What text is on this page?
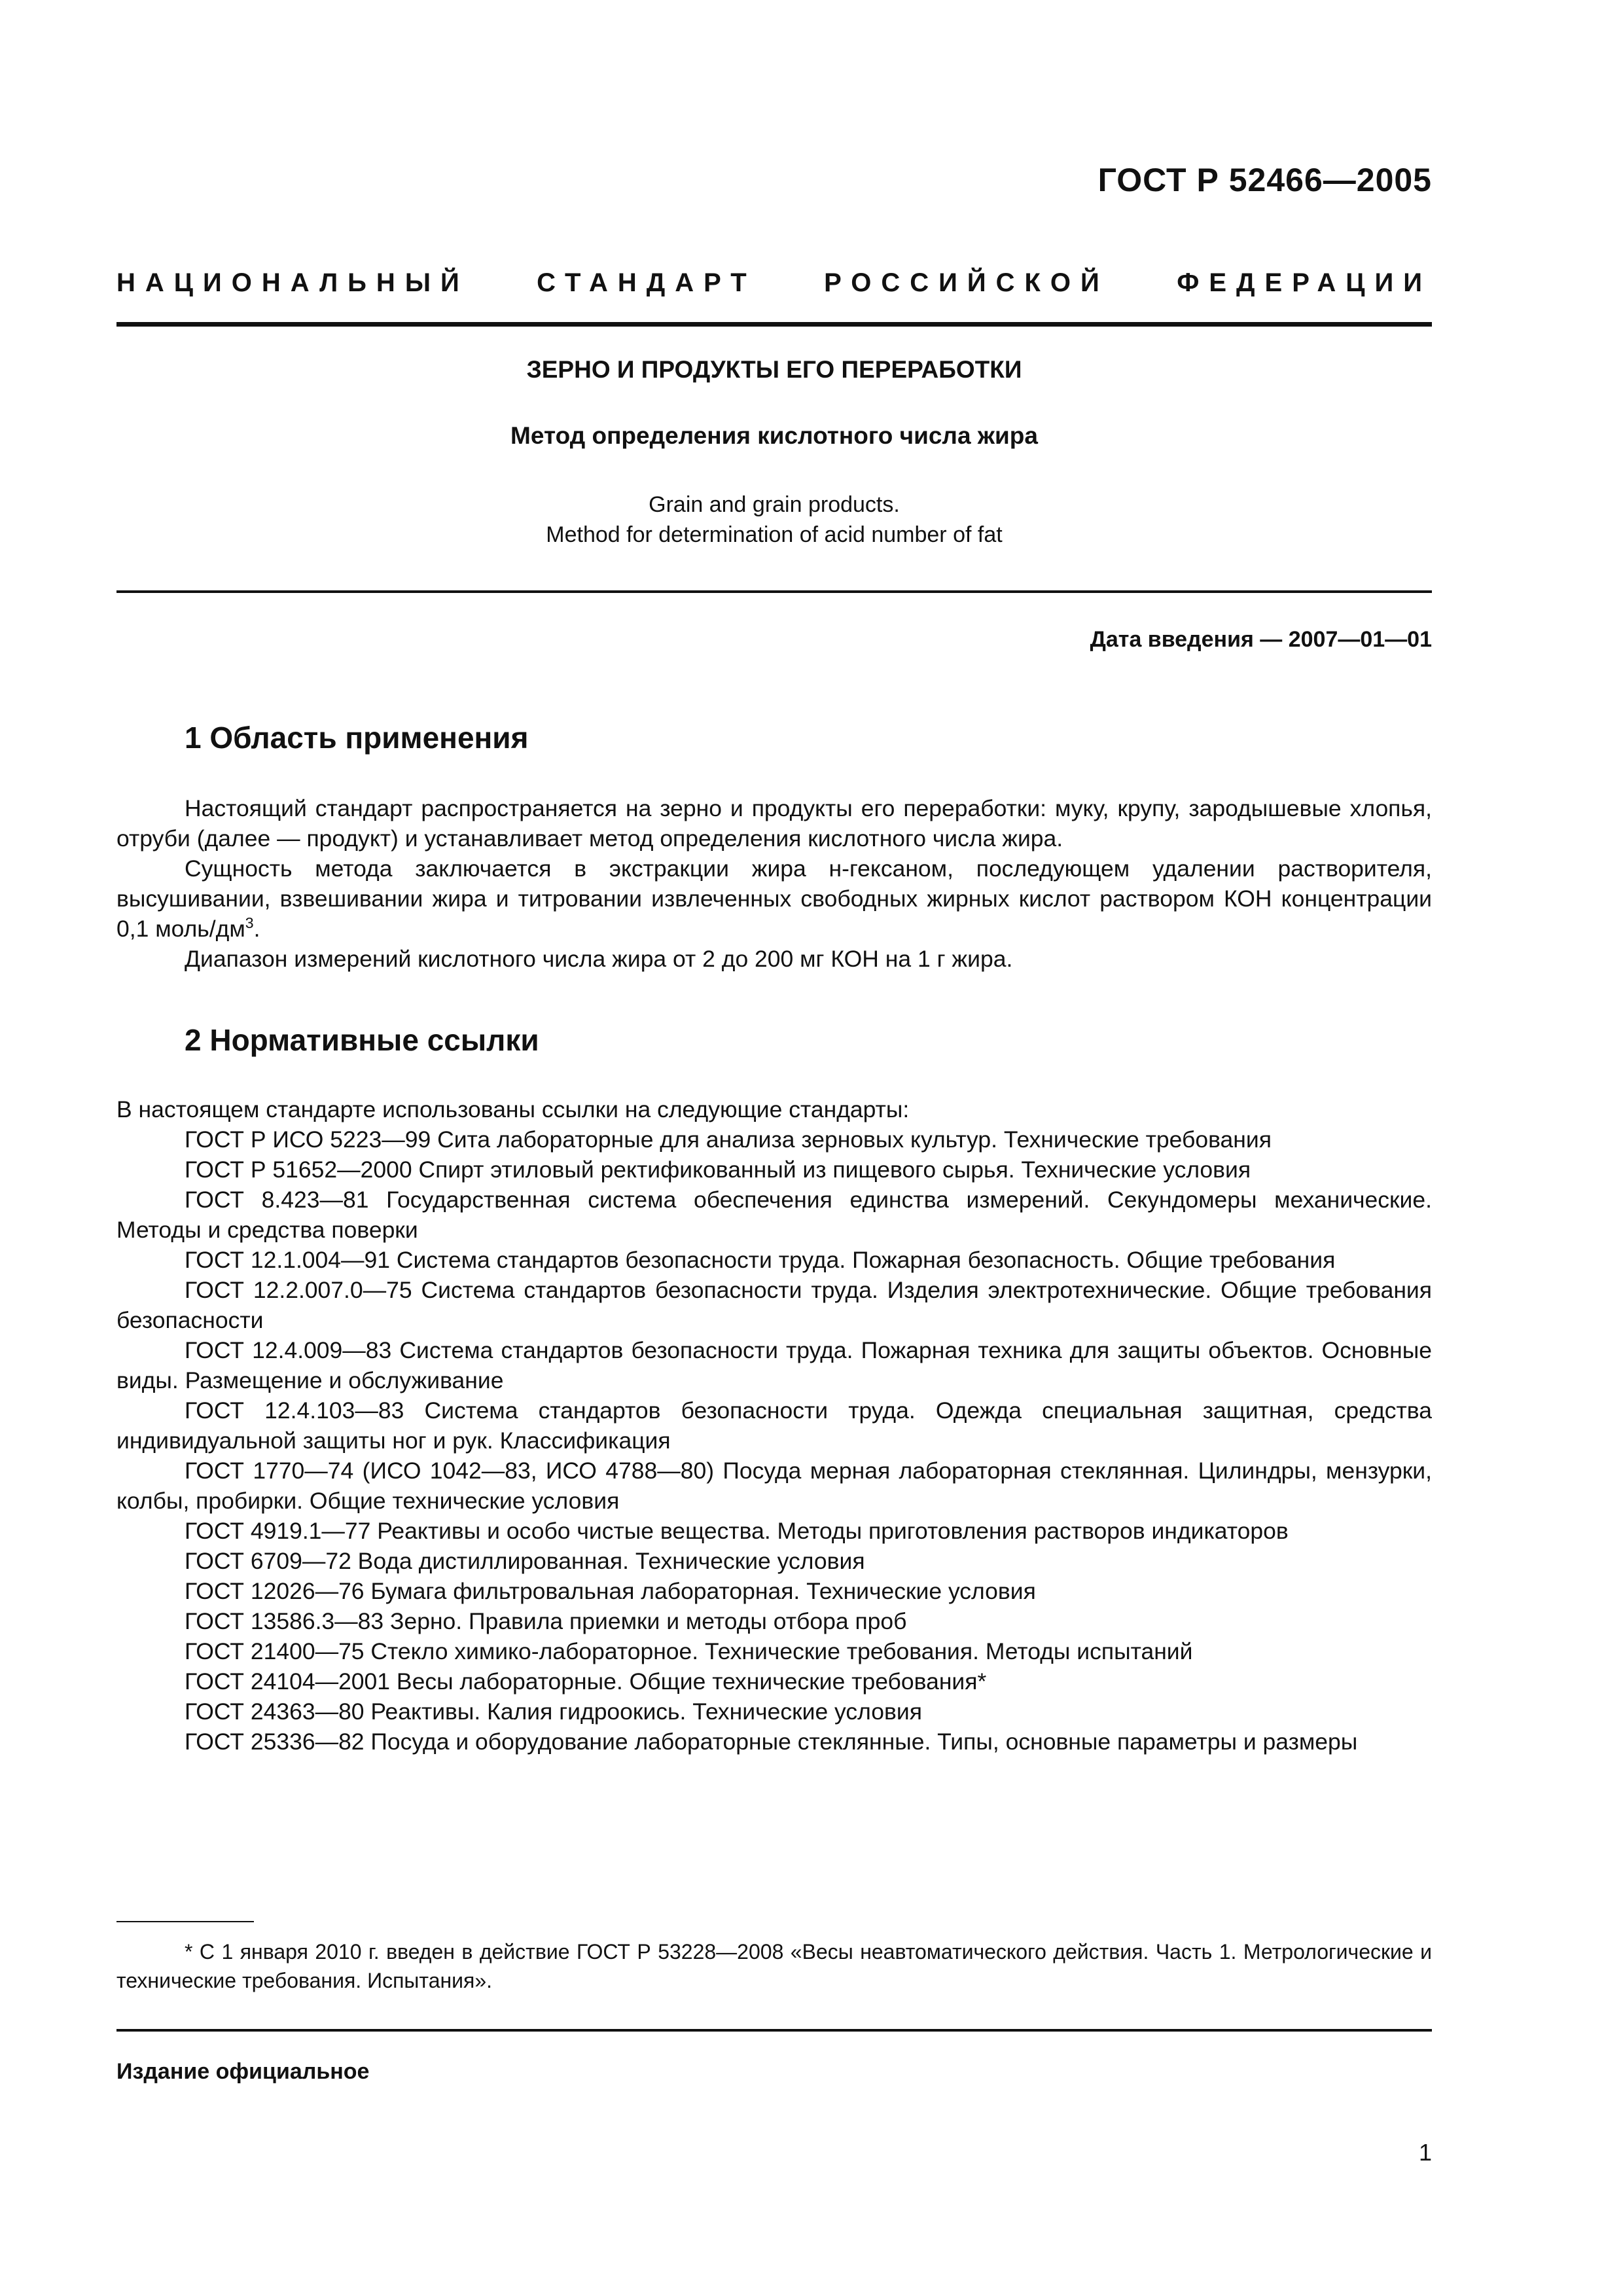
ГОСТ Р 52466—2005
НАЦИОНАЛЬНЫЙ	СТАНДАРТ	РОССИЙСКОЙ	ФЕДЕРАЦИИ
ЗЕРНО И ПРОДУКТЫ ЕГО ПЕРЕРАБОТКИ
Метод определения кислотного числа жира
Grain and grain products.
Method for determination of acid number of fat
Дата введения — 2007—01—01
1 Область применения

Настоящий стандарт распространяется на зерно и продукты его переработки: муку, крупу, зародышевые хлопья, отруби (далее — продукт) и устанавливает метод определения кислотного числа жира.

Сущность метода заключается в экстракции жира н-гексаном, последующем удалении растворителя, высушивании, взвешивании жира и титровании извлеченных свободных жирных кислот раствором КОН концентрации 0,1 моль/$дм^3$.

Диапазон измерений кислотного числа жира от 2 до 200 мг КОН на 1 г жира.

2 Нормативные ссылки

В настоящем стандарте использованы ссылки на следующие стандарты:

ГОСТ Р ИСО 5223—99 Сита лабораторные для анализа зерновых культур. Технические требования

ГОСТ Р 51652—2000 Спирт этиловый ректификованный из пищевого сырья. Технические условия

ГОСТ 8.423—81 Государственная система обеспечения единства измерений. Секундомеры механические. Методы и средства поверки

ГОСТ 12.1.004—91 Система стандартов безопасности труда. Пожарная безопасность. Общие требования

ГОСТ 12.2.007.0—75 Система стандартов безопасности труда. Изделия электротехнические. Общие требования безопасности

ГОСТ 12.4.009—83 Система стандартов безопасности труда. Пожарная техника для защиты объектов. Основные виды. Размещение и обслуживание

ГОСТ 12.4.103—83 Система стандартов безопасности труда. Одежда специальная защитная, средства индивидуальной защиты ног и рук. Классификация

ГОСТ 1770—74 (ИСО 1042—83, ИСО 4788—80) Посуда мерная лабораторная стеклянная. Цилиндры, мензурки, колбы, пробирки. Общие технические условия

ГОСТ 4919.1—77 Реактивы и особо чистые вещества. Методы приготовления растворов индикаторов

ГОСТ 6709—72 Вода дистиллированная. Технические условия

ГОСТ 12026—76 Бумага фильтровальная лабораторная. Технические условия

ГОСТ 13586.3—83 Зерно. Правила приемки и методы отбора проб

ГОСТ 21400—75 Стекло химико-лабораторное. Технические требования. Методы испытаний

ГОСТ 24104—2001 Весы лабораторные. Общие технические требования*

ГОСТ 24363—80 Реактивы. Калия гидроокись. Технические условия

ГОСТ 25336—82 Посуда и оборудование лабораторные стеклянные. Типы, основные параметры и размеры

* С 1 января 2010 г. введен в действие ГОСТ Р 53228—2008 «Весы неавтоматического действия. Часть 1. Метрологические и технические требования. Испытания».

Издание официальное
1
